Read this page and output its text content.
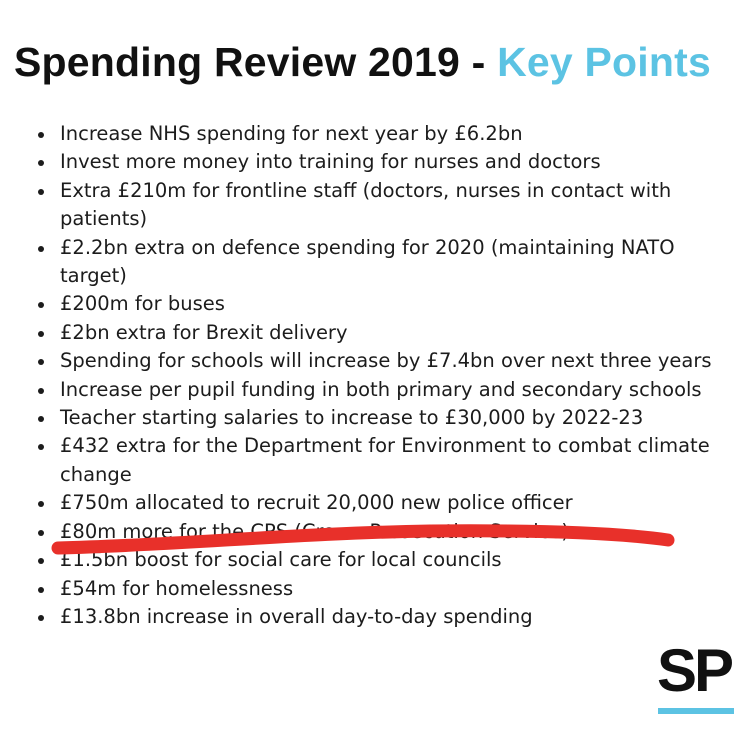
Spending Review 2019 - Key Points
Increase NHS spending for next year by £6.2bn
Invest more money into training for nurses and doctors
Extra £210m for frontline staff (doctors, nurses in contact with patients)
£2.2bn extra on defence spending for 2020 (maintaining NATO target)
£200m for buses
£2bn extra for Brexit delivery
Spending for schools will increase by £7.4bn over next three years
Increase per pupil funding in both primary and secondary schools
Teacher starting salaries to increase to £30,000 by 2022-23
£432 extra for the Department for Environment to combat climate change
£750m allocated to recruit 20,000 new police officer
£80m more for the CPS (Crown Prosecution Service)
£1.5bn boost for social care for local councils
£54m for homelessness
£13.8bn increase in overall day-to-day spending
SP
